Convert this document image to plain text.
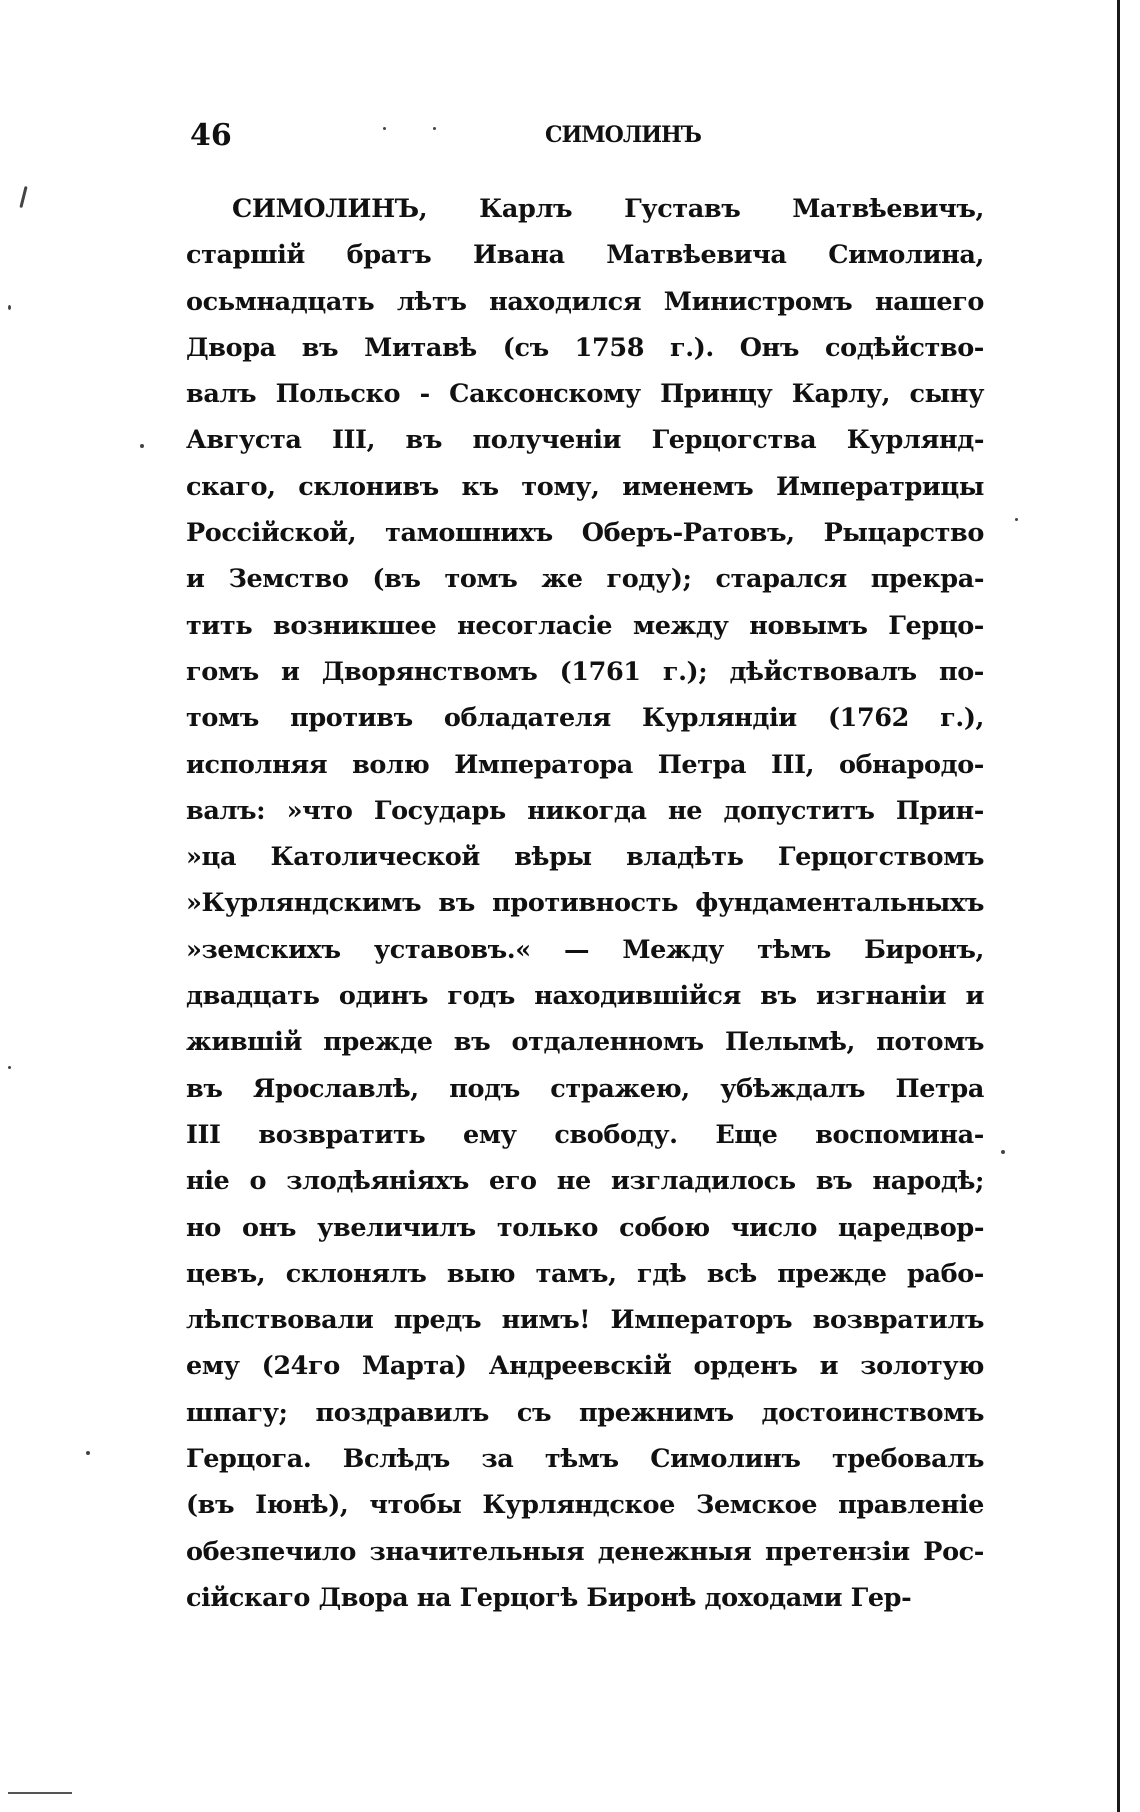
46	СИМОЛИНЪ
СИМОЛИНЪ, Карлъ Густавъ Матвѣевичъ,
старшій братъ Ивана Матвѣевича Симолина,
осьмнадцать лѣтъ находился Министромъ нашего
Двора въ Митавѣ (съ 1758 г.). Онъ содѣйство-
валъ Польско - Саксонскому Принцу Карлу, сыну
Августа III, въ полученіи Герцогства Курлянд-
скаго, склонивъ къ тому, именемъ Императрицы
Россійской, тамошнихъ Оберъ-Ратовъ, Рыцарство
и Земство (въ томъ же году); старался прекра-
тить возникшее несогласіе между новымъ Герцо-
гомъ и Дворянствомъ (1761 г.); дѣйствовалъ по-
томъ противъ обладателя Курляндіи (1762 г.),
исполняя волю Императора Петра III, обнародо-
валъ: »что Государь никогда не допуститъ Прин-
»ца Католической вѣры владѣть Герцогствомъ
»Курляндскимъ въ противность фундаментальныхъ
»земскихъ уставовъ.« — Между тѣмъ Биронъ,
двадцать одинъ годъ находившійся въ изгнаніи и
жившій прежде въ отдаленномъ Пелымѣ, потомъ
въ Ярославлѣ, подъ стражею, убѣждалъ Петра
III возвратить ему свободу. Еще воспомина-
ніе о злодѣяніяхъ его не изгладилось въ народѣ;
но онъ увеличилъ только собою число царедвор-
цевъ, склонялъ выю тамъ, гдѣ всѣ прежде рабо-
лѣпствовали предъ нимъ! Императоръ возвратилъ
ему (24го Марта) Андреевскій орденъ и золотую
шпагу; поздравилъ съ прежнимъ достоинствомъ
Герцога. Вслѣдъ за тѣмъ Симолинъ требовалъ
(въ Іюнѣ), чтобы Курляндское Земское правленіе
обезпечило значительныя денежныя претензіи Рос-
сійскаго Двора на Герцогѣ Биронѣ доходами Гер-
